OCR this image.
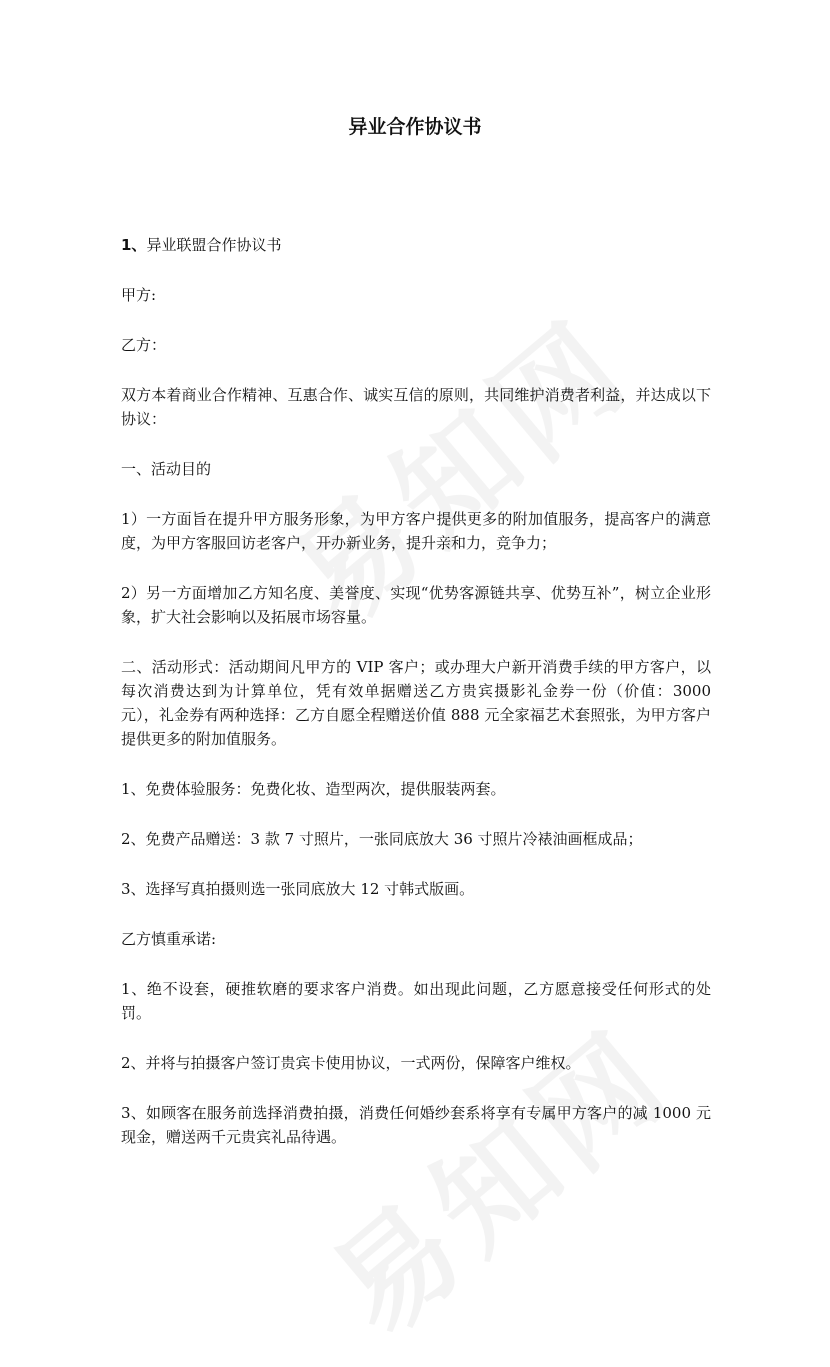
异业合作协议书

1、异业联盟合作协议书

甲方:

乙方：

双方本着商业合作精神、互惠合作、诚实互信的原则，共同维护消费者利益，并达成以下协议：

一、活动目的

1）一方面旨在提升甲方服务形象，为甲方客户提供更多的附加值服务，提高客户的满意度，为甲方客服回访老客户，开办新业务，提升亲和力，竞争力；

2）另一方面增加乙方知名度、美誉度、实现“优势客源链共享、优势互补”，树立企业形象，扩大社会影响以及拓展市场容量。

二、活动形式：活动期间凡甲方的 VIP 客户；或办理大户新开消费手续的甲方客户，以每次消费达到为计算单位，凭有效单据赠送乙方贵宾摄影礼金券一份（价值：3000 元），礼金券有两种选择：乙方自愿全程赠送价值 888 元全家福艺术套照张，为甲方客户提供更多的附加值服务。

1、免费体验服务：免费化妆、造型两次，提供服装两套。

2、免费产品赠送：3 款 7 寸照片，一张同底放大 36 寸照片冷裱油画框成品；

3、选择写真拍摄则选一张同底放大 12 寸韩式版画。

乙方慎重承诺:

1、绝不设套，硬推软磨的要求客户消费。如出现此问题，乙方愿意接受任何形式的处罚。

2、并将与拍摄客户签订贵宾卡使用协议，一式两份，保障客户维权。

3、如顾客在服务前选择消费拍摄，消费任何婚纱套系将享有专属甲方客户的减 1000 元现金，赠送两千元贵宾礼品待遇。
